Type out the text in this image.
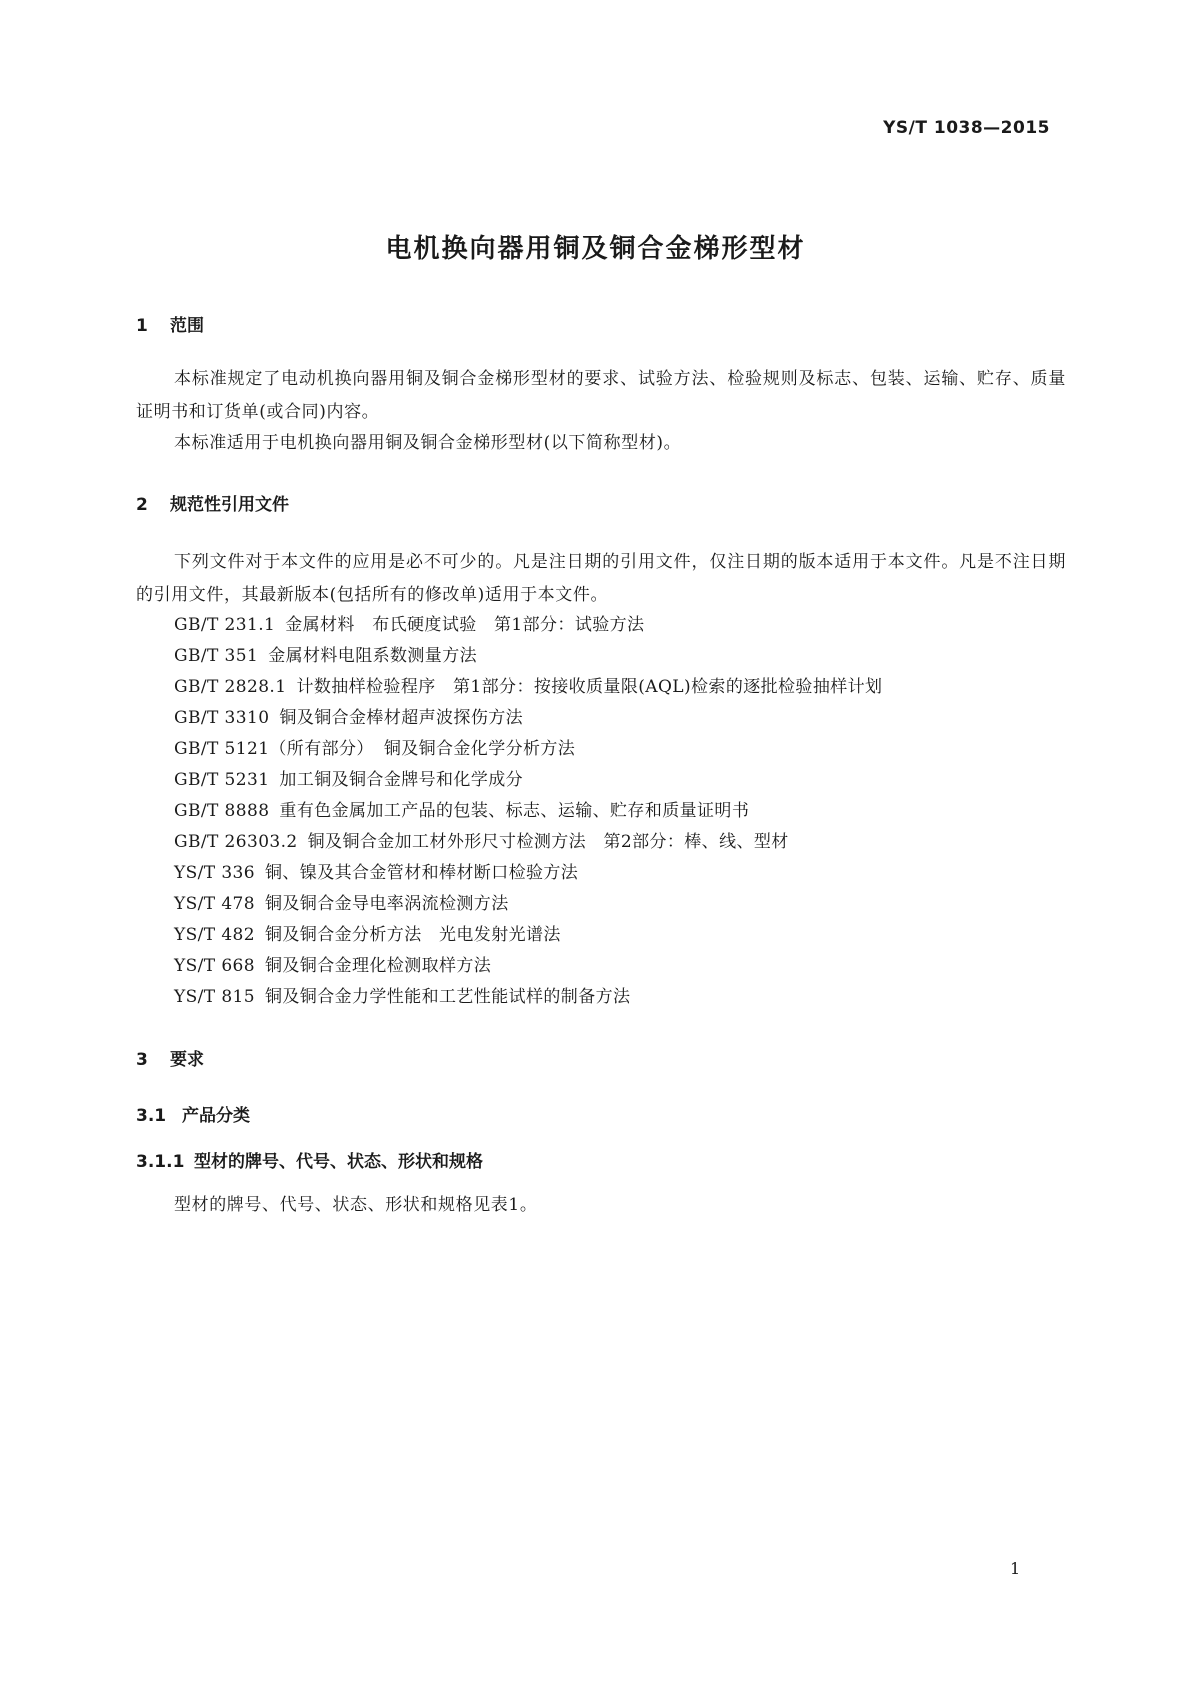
YS/T 1038—2015
电机换向器用铜及铜合金梯形型材
1 范围
本标准规定了电动机换向器用铜及铜合金梯形型材的要求、试验方法、检验规则及标志、包装、运输、贮存、质量证明书和订货单(或合同)内容。
本标准适用于电机换向器用铜及铜合金梯形型材(以下简称型材)。
2 规范性引用文件
下列文件对于本文件的应用是必不可少的。凡是注日期的引用文件，仅注日期的版本适用于本文件。凡是不注日期的引用文件，其最新版本(包括所有的修改单)适用于本文件。
GB/T 231.1 金属材料　布氏硬度试验　第1部分：试验方法
GB/T 351 金属材料电阻系数测量方法
GB/T 2828.1 计数抽样检验程序　第1部分：按接收质量限(AQL)检索的逐批检验抽样计划
GB/T 3310 铜及铜合金棒材超声波探伤方法
GB/T 5121（所有部分） 铜及铜合金化学分析方法
GB/T 5231 加工铜及铜合金牌号和化学成分
GB/T 8888 重有色金属加工产品的包装、标志、运输、贮存和质量证明书
GB/T 26303.2 铜及铜合金加工材外形尺寸检测方法　第2部分：棒、线、型材
YS/T 336 铜、镍及其合金管材和棒材断口检验方法
YS/T 478 铜及铜合金导电率涡流检测方法
YS/T 482 铜及铜合金分析方法　光电发射光谱法
YS/T 668 铜及铜合金理化检测取样方法
YS/T 815 铜及铜合金力学性能和工艺性能试样的制备方法
3 要求
3.1 产品分类
3.1.1 型材的牌号、代号、状态、形状和规格
型材的牌号、代号、状态、形状和规格见表1。
1
